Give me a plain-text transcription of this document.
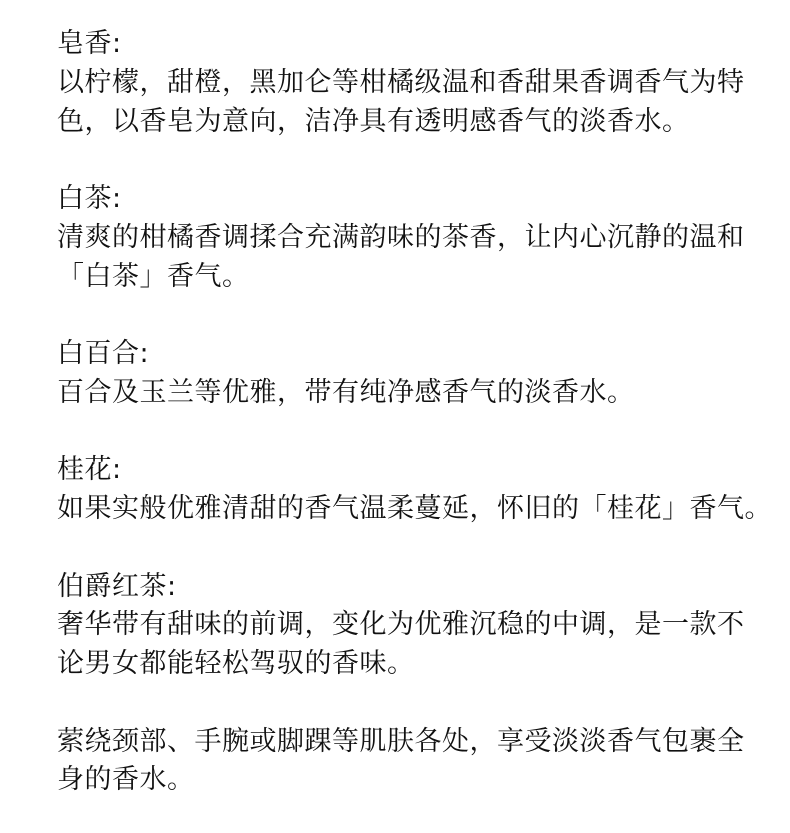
皂香:
以柠檬，甜橙，黑加仑等柑橘级温和香甜果香调香气为特
色，以香皂为意向，洁净具有透明感香气的淡香水。
白茶:
清爽的柑橘香调揉合充满韵味的茶香，让内心沉静的温和
「白茶」香气。
白百合:
百合及玉兰等优雅，带有纯净感香气的淡香水。
桂花:
如果实般优雅清甜的香气温柔蔓延，怀旧的「桂花」香气。
伯爵红茶:
奢华带有甜味的前调，变化为优雅沉稳的中调，是一款不
论男女都能轻松驾驭的香味。
萦绕颈部、手腕或脚踝等肌肤各处，享受淡淡香气包裹全
身的香水。
